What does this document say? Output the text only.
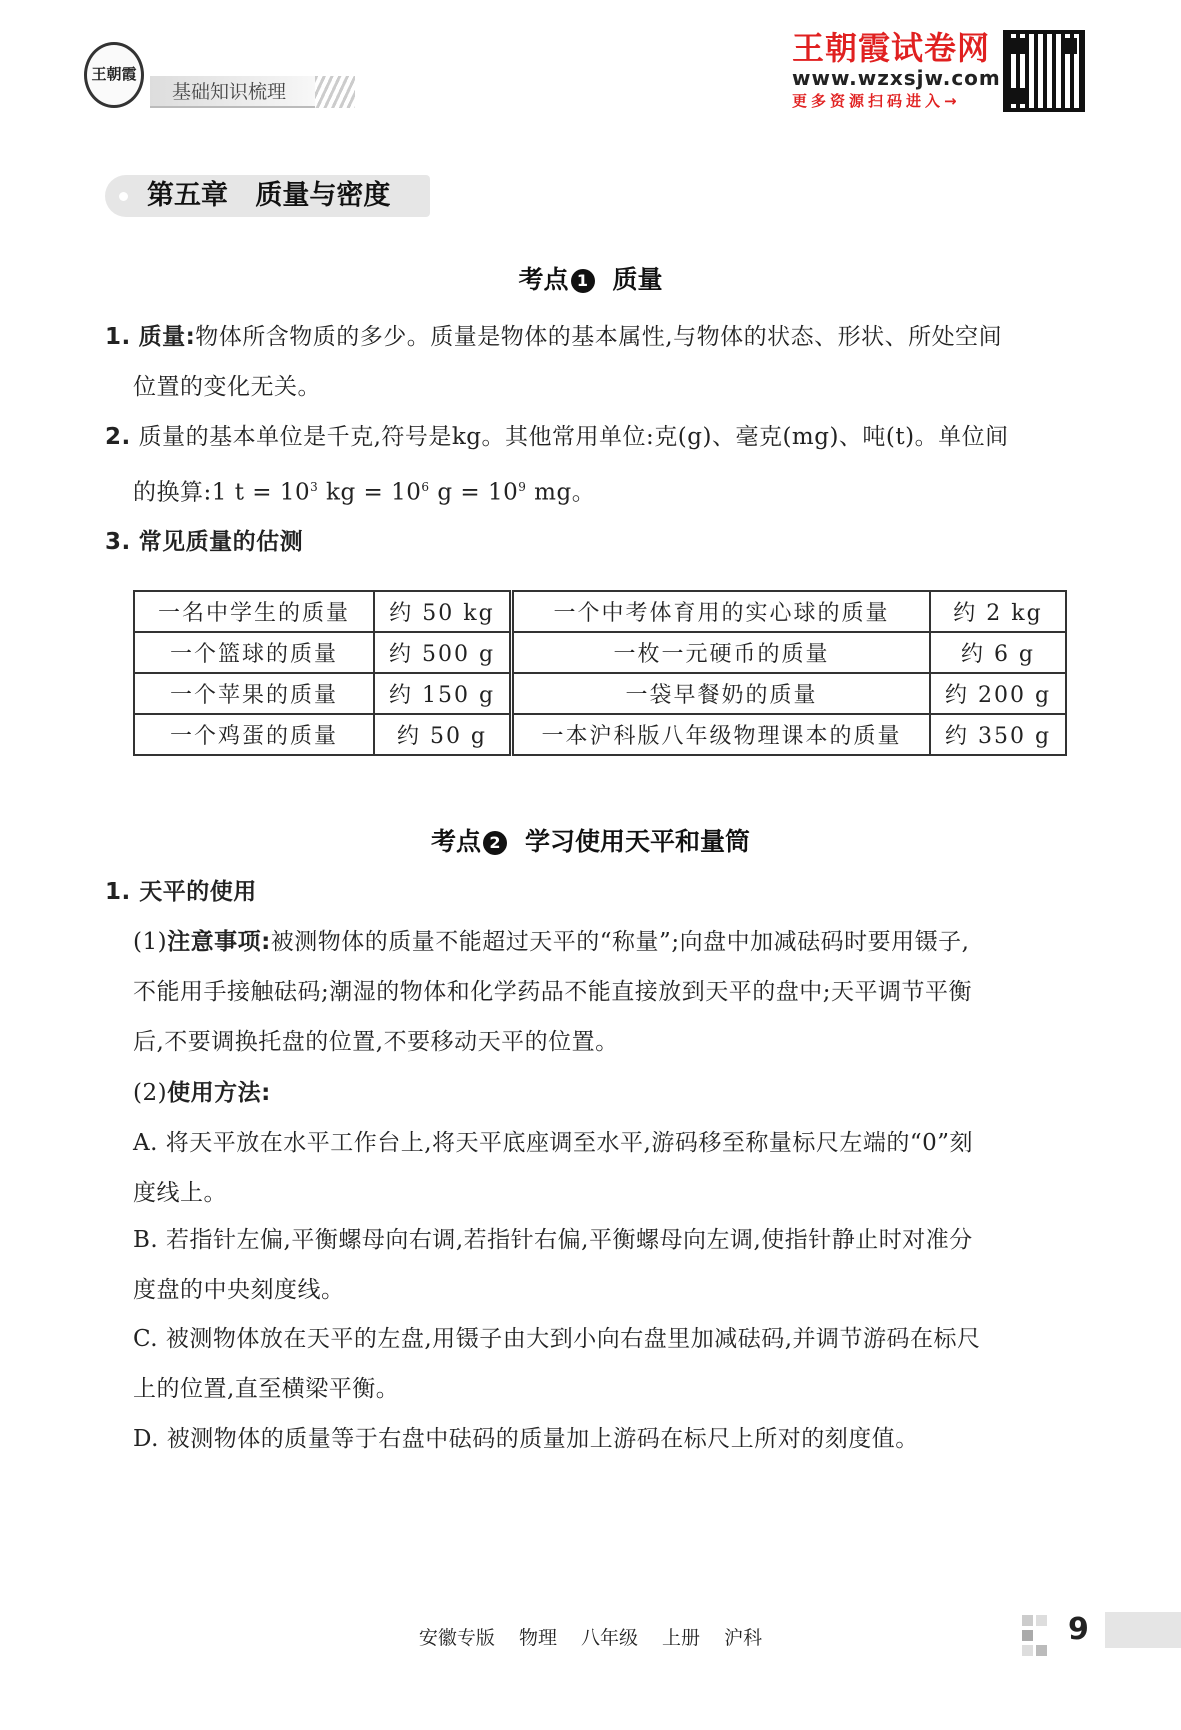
王朝霞
基础知识梳理
王朝霞试卷网
www.wzxsjw.com
更多资源扫码进入→
第五章 质量与密度
考点 1 质量
1. 质量:物体所含物质的多少。质量是物体的基本属性,与物体的状态、形状、所处空间
位置的变化无关。
2. 质量的基本单位是千克,符号是kg。其他常用单位:克(g)、毫克(mg)、吨(t)。单位间
的换算:1 $t = 10^3$ kg = $10^6$ $g = 10^9$ mg。
3. 常见质量的估测
一名中学生的质量	约 50 kg	一个中考体育用的实心球的质量	约 2 kg
一个篮球的质量	约 500 g	一枚一元硬币的质量	约 6 g
一个苹果的质量	约 150 g	一袋早餐奶的质量	约 200 g
一个鸡蛋的质量	约 50 g	一本沪科版八年级物理课本的质量	约 350 g
考点 2 学习使用天平和量筒
1. 天平的使用
(1)注意事项:被测物体的质量不能超过天平的“称量”;向盘中加减砝码时要用镊子,
不能用手接触砝码;潮湿的物体和化学药品不能直接放到天平的盘中;天平调节平衡
后,不要调换托盘的位置,不要移动天平的位置。
(2)使用方法:
A. 将天平放在水平工作台上,将天平底座调至水平,游码移至称量标尺左端的“0”刻
度线上。
B. 若指针左偏,平衡螺母向右调,若指针右偏,平衡螺母向左调,使指针静止时对准分
度盘的中央刻度线。
C. 被测物体放在天平的左盘,用镊子由大到小向右盘里加减砝码,并调节游码在标尺
上的位置,直至横梁平衡。
D. 被测物体的质量等于右盘中砝码的质量加上游码在标尺上所对的刻度值。
安徽专版 物理 八年级 上册 沪科	9
